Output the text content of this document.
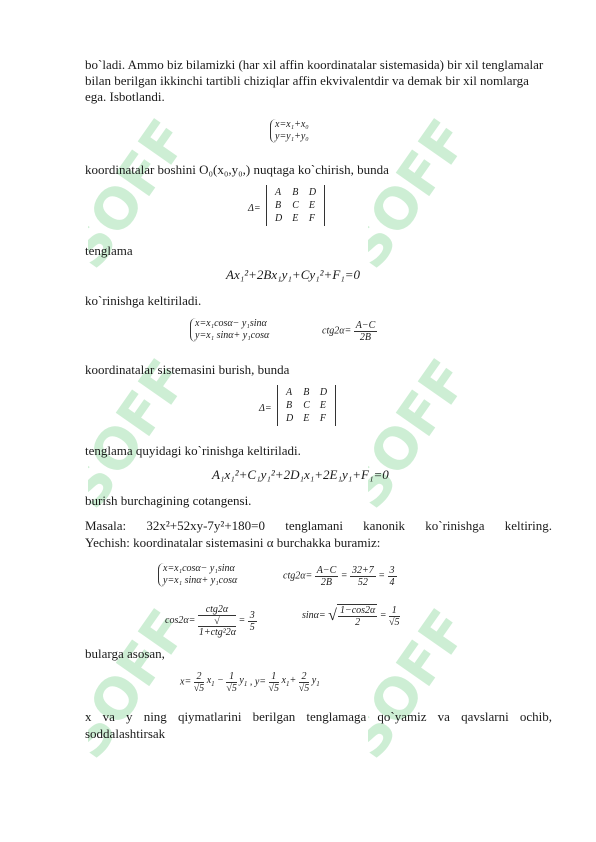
SOFF SOFF
SOFF SOFF
SOFF SOFF
bo`ladi. Ammo biz bilamizki (har xil affin koordinatalar sistemasida) bir xil tenglamalar bilan berilgan ikkinchi tartibli chiziqlar affin ekvivalentdir va demak bir xil nomlarga ega. Isbotlandi.
x=x₁+x₀
y=y₁+y₀
koordinatalar boshini O₀(x₀,y₀,) nuqtaga ko`chirish, bunda
Δ=
A	B	D
B	C	E
D	E	F
tenglama
Ax₁²+2Bx₁y₁+Cy₁²+F₁=0
ko`rinishga keltiriladi.
x=x₁cosα− y₁sinα
y=x₁ sinα+ y₁cosα	$ctg2\alpha= \frac{A-C}{2B}$
koordinatalar sistemasini burish, bunda
Δ=
A	B	D
B	C	E
D	E	F
tenglama quyidagi ko`rinishga keltiriladi.
A₁x₁²+C₁y₁²+2D₁x₁+2E₁y₁+F₁=0
burish burchagining cotangensi.
Masala: 32x²+52xy-7y²+180=0 tenglamani kanonik ko`rinishga keltiring.
Yechish: koordinatalar sistemasini α burchakka buramiz:
x=x₁cosα− y₁sinα
y=x₁ sinα+ y₁cosα	$ctg2\alpha= \frac{A-C}{2B} = \frac{32+7}{52} = \frac{3}{4}$
cos2α= ctg2α
√
$1+ctg^22\alpha = \frac{3}{5}$	sinα= √ $\frac{1-\cos 2\alpha}{2} = \frac{1}{√5}$
bularga asosan,
$x= \frac{2}{√5} x_1 - \frac{1}{√5} y_1$ , $y= \frac{1}{√5} x_1+ \frac{2}{√5} y_1$
x va y ning qiymatlarini berilgan tenglamaga qo`yamiz va qavslarni ochib,
soddalashtirsak
